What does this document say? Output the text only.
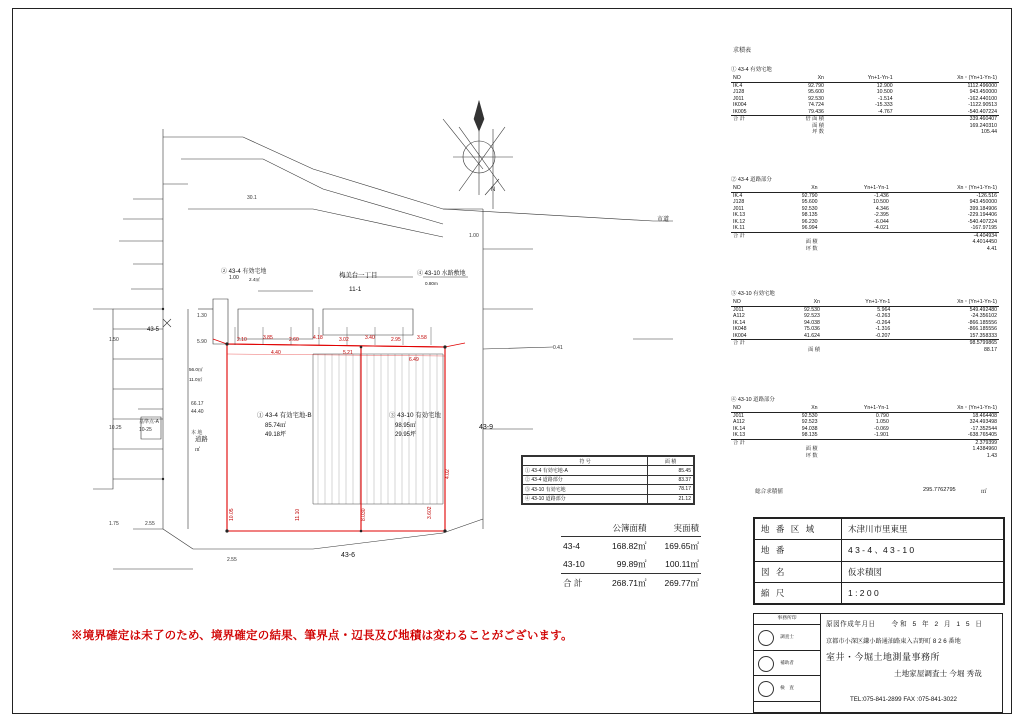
N
2.10	3.85	2.60	4.18	3.02	3.40	2.95	3.58
4.40	5.21
6.49
3.602
8.030
11.10
10.05
4.02
5.90
1.30
1.50
10.25
66.17
44.40
本 地
基準点-A
10-25
1.75	2.55
2.55
30.1
1.00
0.41
① 43-4 有効宅地-B
85.74㎡
49.18坪
③ 43-10 有効宅地
98.95㎡
29.95坪
道路
市道
② 43-4 有効宅地	④ 43-10 水路敷地
梅美台一丁目
11-1
43-9
43-6
43-5
㎡
1.00 2.4㎡
0.80m
56.0㎡
11.0㎡
符 号	面 積
① 43-4 有効宅地-A	85.45
② 43-4 道路部分	83.37
③ 43-10 有効宅地	78.17
④ 43-10 道路部分	21.12
	公簿面積	実面積
43-4	168.82㎡	169.65㎡
43-10	99.89㎡	100.11㎡
合 計	268.71㎡	269.77㎡
求積表
① 43-4 有効宅地
NO	Xn	Yn+1-Yn-1	Xn・(Yn+1-Yn-1)
IK.4	92.790	12.900	1112.496000
J128	95.600	10.500	943.450000
J011	92.530	-1.514	-162.440100
IK004	74.724	-15.333	-1122.90513
IK005	79.436	-4.767	-540.407224
合 計	倍 面 積		339.460407
	面 積		169.240310
	坪 数		105.44
② 43-4 道路部分
NO	Xn	Yn+1-Yn-1	Xn・(Yn+1-Yn-1)
IK.4	92.790	-1.436	-126.516
J128	95.600	10.500	943.450000
J011	92.530	4.346	399.184906
IK.13	98.135	-2.395	-229.194406
IK.12	96.230	-6.044	-540.407224
IK.11	96.994	-4.021	-167.97195
合 計			-4.404934
	面 積		4.4014450
	坪 数		4.41
③ 43-10 有効宅地
NO	Xn	Yn+1-Yn-1	Xn・(Yn+1-Yn-1)
J011	92.530	5.964	549.492480
A112	92.523	-0.263	-24.356102
IK.14	94.038	-0.264	-866.185556
IK048	75.036	-1.316	-866.185556
IK004	41.624	-0.207	157.358333
合 計			98.5799865
	面 積		88.17
④ 43-10 道路部分
NO	Xn	Yn+1-Yn-1	Xn・(Yn+1-Yn-1)
J011	92.530	0.790	18.464408
A112	92.523	1.050	324.493498
IK.14	94.038	-0.069	-17.352544
IK.13	98.135	-1.901	-638.765405
合 計			2.379399
	面 積		1.4384960
	坪 数		1.43
総合求積値	295.7762795	㎡
地 番 区 域	木津川市里東里
地 番	4 3 - 4 、4 3 - 1 0
図 名	仮求積図
縮 尺	1 : 2 0 0
事務所印
調査士
補助者
検　査
原図作成年月日 令和 5 年 2 月 1 5 日
京都市小深区鎌小路通油路東入吉野町 8 2 6 番地
室井・今堀土地測量事務所
土地家屋調査士 今堀 秀哉
TEL:075-841-2899 FAX :075-841-3022
※境界確定は未了のため、境界確定の結果、筆界点・辺長及び地積は変わることがございます。
